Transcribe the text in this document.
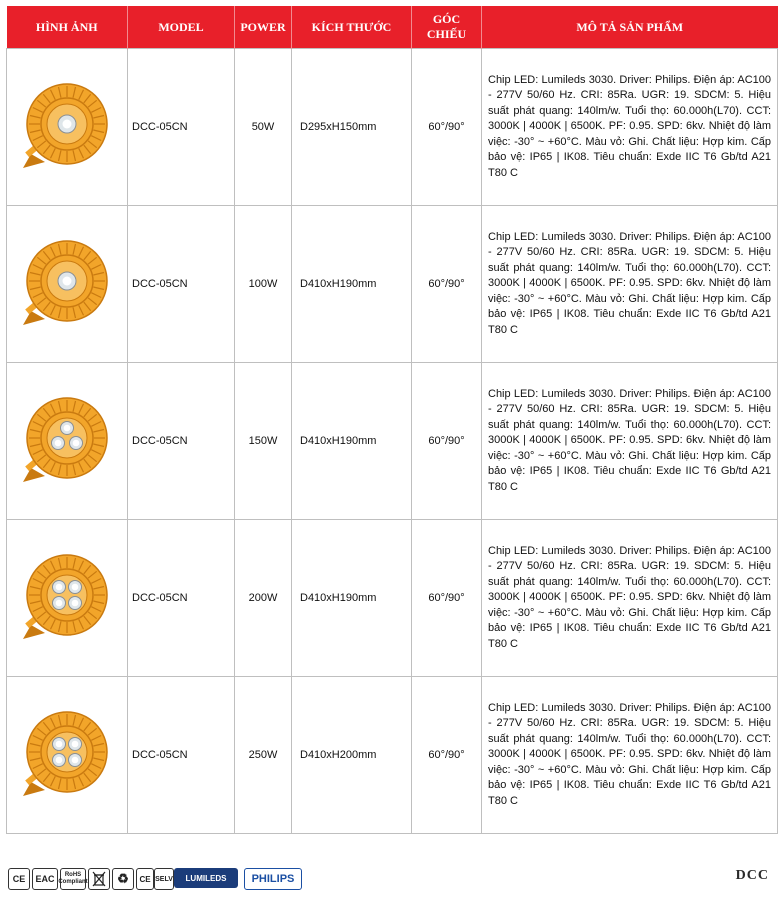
HÌNH ẢNH	MODEL	POWER	KÍCH THƯỚC	GÓC CHIẾU	MÔ TẢ SẢN PHẨM
	DCC-05CN	50W	D295xH150mm	60°/90°	Chip LED: Lumileds 3030. Driver: Philips. Điện áp: AC100 - 277V 50/60 Hz. CRI: 85Ra. UGR: 19. SDCM: 5. Hiệu suất phát quang: 140lm/w. Tuổi thọ: 60.000h(L70). CCT: 3000K | 4000K | 6500K. PF: 0.95. SPD: 6kv. Nhiệt độ làm việc: -30° ~ +60°C. Màu vỏ: Ghi. Chất liệu: Hợp kim. Cấp bảo vệ: IP65 | IK08. Tiêu chuẩn: Exde IIC T6 Gb/td A21 T80 C
	DCC-05CN	100W	D410xH190mm	60°/90°	Chip LED: Lumileds 3030. Driver: Philips. Điện áp: AC100 - 277V 50/60 Hz. CRI: 85Ra. UGR: 19. SDCM: 5. Hiệu suất phát quang: 140lm/w. Tuổi thọ: 60.000h(L70). CCT: 3000K | 4000K | 6500K. PF: 0.95. SPD: 6kv. Nhiệt độ làm việc: -30° ~ +60°C. Màu vỏ: Ghi. Chất liệu: Hợp kim. Cấp bảo vệ: IP65 | IK08. Tiêu chuẩn: Exde IIC T6 Gb/td A21 T80 C
	DCC-05CN	150W	D410xH190mm	60°/90°	Chip LED: Lumileds 3030. Driver: Philips. Điện áp: AC100 - 277V 50/60 Hz. CRI: 85Ra. UGR: 19. SDCM: 5. Hiệu suất phát quang: 140lm/w. Tuổi thọ: 60.000h(L70). CCT: 3000K | 4000K | 6500K. PF: 0.95. SPD: 6kv. Nhiệt độ làm việc: -30° ~ +60°C. Màu vỏ: Ghi. Chất liệu: Hợp kim. Cấp bảo vệ: IP65 | IK08. Tiêu chuẩn: Exde IIC T6 Gb/td A21 T80 C
	DCC-05CN	200W	D410xH190mm	60°/90°	Chip LED: Lumileds 3030. Driver: Philips. Điện áp: AC100 - 277V 50/60 Hz. CRI: 85Ra. UGR: 19. SDCM: 5. Hiệu suất phát quang: 140lm/w. Tuổi thọ: 60.000h(L70). CCT: 3000K | 4000K | 6500K. PF: 0.95. SPD: 6kv. Nhiệt độ làm việc: -30° ~ +60°C. Màu vỏ: Ghi. Chất liệu: Hợp kim. Cấp bảo vệ: IP65 | IK08. Tiêu chuẩn: Exde IIC T6 Gb/td A21 T80 C
	DCC-05CN	250W	D410xH200mm	60°/90°	Chip LED: Lumileds 3030. Driver: Philips. Điện áp: AC100 - 277V 50/60 Hz. CRI: 85Ra. UGR: 19. SDCM: 5. Hiệu suất phát quang: 140lm/w. Tuổi thọ: 60.000h(L70). CCT: 3000K | 4000K | 6500K. PF: 0.95. SPD: 6kv. Nhiệt độ làm việc: -30° ~ +60°C. Màu vỏ: Ghi. Chất liệu: Hợp kim. Cấp bảo vệ: IP65 | IK08. Tiêu chuẩn: Exde IIC T6 Gb/td A21 T80 C
CE	EAC	RoHS Compliant	♻	CE SELV LUMILEDS PHILIPS	DCC
